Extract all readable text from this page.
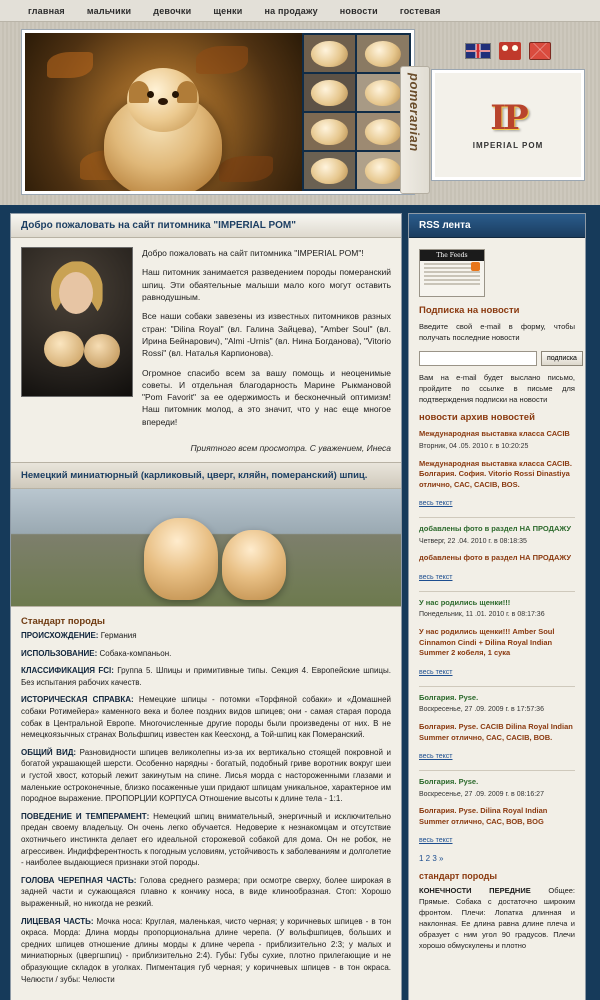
главная мальчики девочки щенки на продажу новости гостевая
pomeranian IP
IMPERIAL POM
Добро пожаловать на сайт питомника "IMPERIAL POM"

Добро пожаловать на сайт питомника "IMPERIAL POM"!

Наш питомник занимается разведением породы померанский шпиц. Эти обаятельные малыши мало кого могут оставить равнодушным.

Все наши собаки завезены из известных питомников разных стран: "Dilina Royal" (вл. Галина Зайцева), "Amber Soul" (вл. Ирина Бейнарович), "Almi -Urnis" (вл. Нина Богданова), "Vitorio Rossi" (вл. Наталья Карпионова).

Огромное спасибо всем за вашу помощь и неоценимые советы. И отдельная благодарность Марине Рыкмановой "Pom Favorit" за ее одержимость и бесконечный оптимизм! Наш питомник молод, а это значит, что у нас еще многое впереди!

Приятного всем просмотра. С уважением, Инеса
Немецкий миниатюрный (карликовый, цверг, кляйн, померанский) шпиц.
Стандарт породы

ПРОИСХОЖДЕНИЕ: Германия

ИСПОЛЬЗОВАНИЕ: Собака-компаньон.

КЛАССИФИКАЦИЯ FCI: Группа 5. Шпицы и примитивные типы. Секция 4. Европейские шпицы. Без испытания рабочих качеств.

ИСТОРИЧЕСКАЯ СПРАВКА: Немецкие шпицы - потомки «Торфяной собаки» и «Домашней собаки Ротимейера» каменного века и более поздних видов шпицев; они - самая старая порода собак в Центральной Европе. Многочисленные другие породы были произведены от них. В не немецкоязычных странах Вольфшпиц известен как Кеесхонд, а Той-шпиц как Померанский.

ОБЩИЙ ВИД: Разновидности шпицев великолепны из-за их вертикально стоящей покровной и богатой украшающей шерсти. Особенно нарядны - богатый, подобный гриве воротник вокруг шеи и густой хвост, который лежит закинутым на спине. Лисья морда с настороженными глазами и маленькие остроконечные, близко посаженные уши придают шпицам уникальное, характерное им породное выражение. ПРОПОРЦИИ КОРПУСА Отношение высоты к длине тела - 1:1.

ПОВЕДЕНИЕ И ТЕМПЕРАМЕНТ: Немецкий шпиц внимательный, энергичный и исключительно предан своему владельцу. Он очень легко обучается. Недоверие к незнакомцам и отсутствие охотничьего инстинкта делает его идеальной сторожевой собакой для дома. Он не робок, не агрессивен. Индифферентность к погодным условиям, устойчивость к заболеваниям и долголетие - наиболее выдающиеся признаки этой породы.

ГОЛОВА ЧЕРЕПНАЯ ЧАСТЬ: Голова среднего размера; при осмотре сверху, более широкая в задней части и сужающаяся плавно к кончику носа, в виде клинообразная. Стоп: Хорошо выраженный, но никогда не резкий.

ЛИЦЕВАЯ ЧАСТЬ: Мочка носа: Круглая, маленькая, чисто черная; у коричневых шпицев - в тон окраса. Морда: Длина морды пропорциональна длине черепа. (У вольфшпицев, больших и средних шпицев отношение длины морды к длине черепа - приблизительно 2:3; у малых и миниатюрных (цвергшпиц) - приблизительно 2:4). Губы: Губы сухие, плотно прилегающие и не образующие складок в уголках. Пигментация губ черная; у коричневых шпицев - в тон окраса. Челюсти / зубы: Челюсти

RSS лента
The Feeds
Подписка на новости
Введите свой e-mail в форму, чтобы получать последние новости
подписка
Вам на e-mail будет выслано письмо, пройдите по ссылке в письме для подтверждения подписки на новости
новости архив новостей
Международная выставка класса САСIВ
Вторник, 04 .05. 2010 г. в 10:20:25
Международная выставка класса САСIВ. Болгария. София. Vitorio Rossi Dinastiya отлично, САС, САСIВ, ВОS.
весь текст
добавлены фото в раздел НА ПРОДАЖУ
Четверг, 22 .04. 2010 г. в 08:18:35
добавлены фото в раздел НА ПРОДАЖУ
весь текст
У нас родились щенки!!!
Понедельник, 11 .01. 2010 г. в 08:17:36
У нас родились щенки!!! Amber Soul Cinnamon Cindi + Dilina Royal Indian Summer 2 кобеля, 1 сука
весь текст
Болгария. Руse.
Воскресенье, 27 .09. 2009 г. в 17:57:36
Болгария. Руse. САСIВ Dilina Royal Indian Summer отлично, САС, САСIВ, ВОВ.
весь текст
Болгария. Руse.
Воскресенье, 27 .09. 2009 г. в 08:16:27
Болгария. Руse. Dilina Royal Indian Summer отлично, САС, ВОВ, BOG
весь текст
1 2 3 »
стандарт породы

КОНЕЧНОСТИ ПЕРЕДНИЕ Общее: Прямые. Собака с достаточно широким фронтом. Плечи: Лопатка длинная и наклонная. Ее длина равна длине плеча и образует с ним угол 90 градусов. Плечи хорошо обмускулены и плотно
